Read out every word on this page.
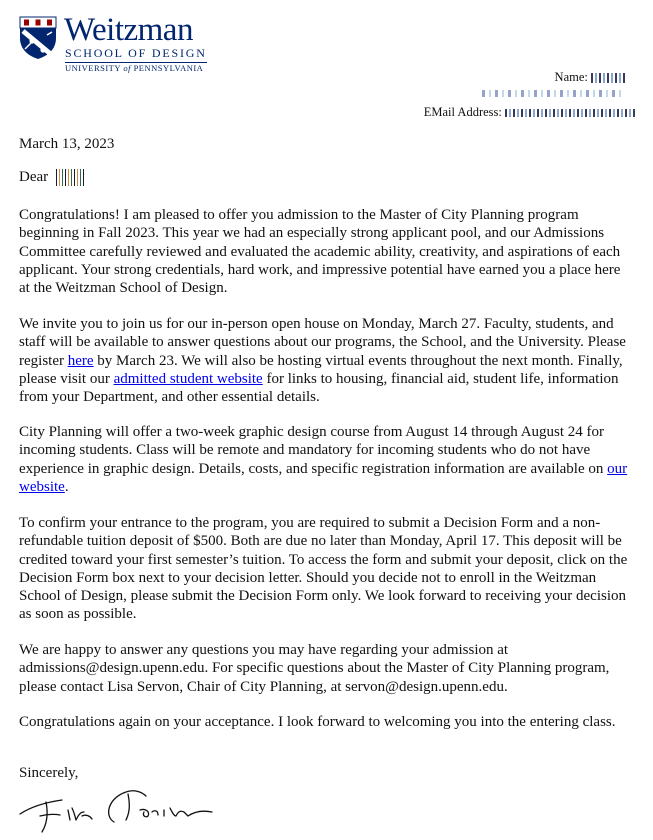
Weitzman
SCHOOL OF DESIGN
UNIVERSITY of PENNSYLVANIA
Name:
EMail Address:
March 13, 2023
Dear

Congratulations! I am pleased to offer you admission to the Master of City Planning program beginning in Fall 2023. This year we had an especially strong applicant pool, and our Admissions Committee carefully reviewed and evaluated the academic ability, creativity, and aspirations of each applicant. Your strong credentials, hard work, and impressive potential have earned you a place here at the Weitzman School of Design.

We invite you to join us for our in-person open house on Monday, March 27. Faculty, students, and staff will be available to answer questions about our programs, the School, and the University. Please register here by March 23. We will also be hosting virtual events throughout the next month. Finally, please visit our admitted student website for links to housing, financial aid, student life, information from your Department, and other essential details.

City Planning will offer a two-week graphic design course from August 14 through August 24 for incoming students. Class will be remote and mandatory for incoming students who do not have experience in graphic design. Details, costs, and specific registration information are available on our website.

To confirm your entrance to the program, you are required to submit a Decision Form and a non-refundable tuition deposit of $500. Both are due no later than Monday, April 17. This deposit will be credited toward your first semester’s tuition. To access the form and submit your deposit, click on the Decision Form box next to your decision letter. Should you decide not to enroll in the Weitzman School of Design, please submit the Decision Form only. We look forward to receiving your decision as soon as possible.

We are happy to answer any questions you may have regarding your admission at admissions@design.upenn.edu. For specific questions about the Master of City Planning program, please contact Lisa Servon, Chair of City Planning, at servon@design.upenn.edu.

Congratulations again on your acceptance. I look forward to welcoming you into the entering class.

Sincerely,
